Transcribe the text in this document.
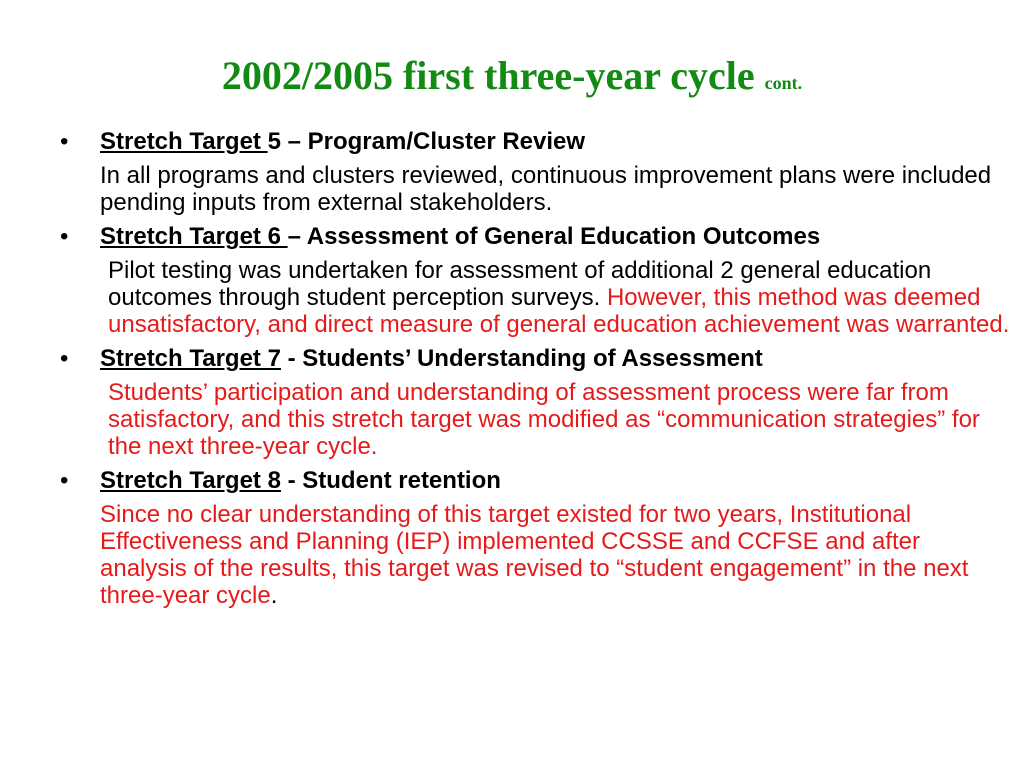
2002/2005 first three-year cycle cont.
•	Stretch Target 5 – Program/Cluster Review
In all programs and clusters reviewed, continuous improvement plans were included pending inputs from external stakeholders.
•	Stretch Target 6 – Assessment of General Education Outcomes
Pilot testing was undertaken for assessment of additional 2 general education outcomes through student perception surveys. However, this method was deemed unsatisfactory, and direct measure of general education achievement was warranted.
•	Stretch Target 7 - Students’ Understanding of Assessment
Students’ participation and understanding of assessment process were far from satisfactory, and this stretch target was modified as “communication strategies” for the next three-year cycle.
•	Stretch Target 8 - Student retention
Since no clear understanding of this target existed for two years, Institutional Effectiveness and Planning (IEP) implemented CCSSE and CCFSE and after analysis of the results, this target was revised to “student engagement” in the next three-year cycle.
